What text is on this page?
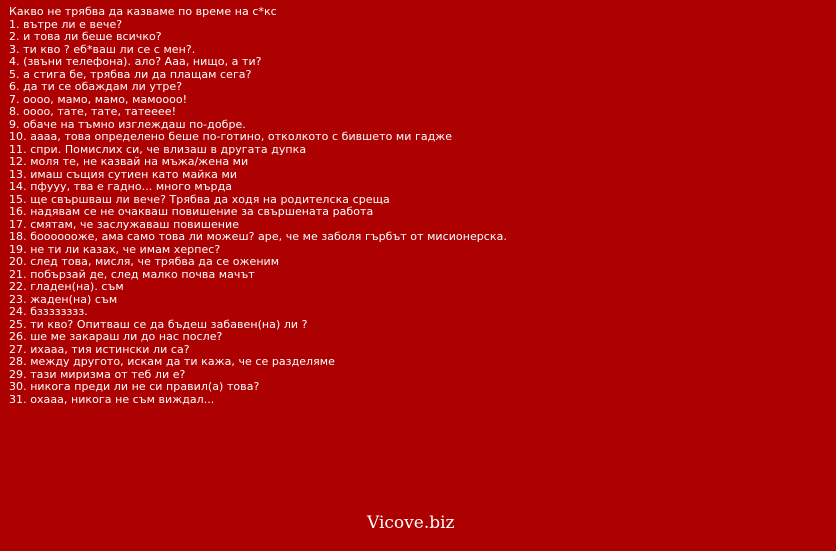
Какво не трябва да казваме по време на с*кс
1. вътре ли е вече?
2. и това ли беше всичко?
3. ти кво ? еб*ваш ли се с мен?.
4. (звъни телефона). ало? Ааа, нищо, а ти?
5. а стига бе, трябва ли да плащам сега?
6. да ти се обаждам ли утре?
7. оооо, мамо, мамо, мамоооо!
8. оооо, тате, тате, татееее!
9. обаче на тъмно изглеждаш по-добре.
10. аааа, това определено беше по-готино, отколкото с бившето ми гадже
11. спри. Помислих си, че влизаш в другата дупка
12. моля те, не казвай на мъжа/жена ми
13. имаш същия сутиен като майка ми
14. пфууу, тва е гадно... много мърда
15. ще свършваш ли вече? Трябва да ходя на родителска среща
16. надявам се не очакваш повишение за свършената работа
17. смятам, че заслужаваш повишение
18. бооооооже, ама само това ли можеш? аре, че ме заболя гърбът от мисионерска.
19. не ти ли казах, че имам херпес?
20. след това, мисля, че трябва да се оженим
21. побързай де, след малко почва мачът
22. гладен(на). съм
23. жаден(на) съм
24. бзззззззз.
25. ти кво? Опитваш се да бъдеш забавен(на) ли ?
26. ше ме закараш ли до нас после?
27. ихааа, тия истински ли са?
28. между другото, искам да ти кажа, че се разделяме
29. тази миризма от теб ли е?
30. никога преди ли не си правил(а) това?
31. охааа, никога не съм виждал...
Vicove.biz
